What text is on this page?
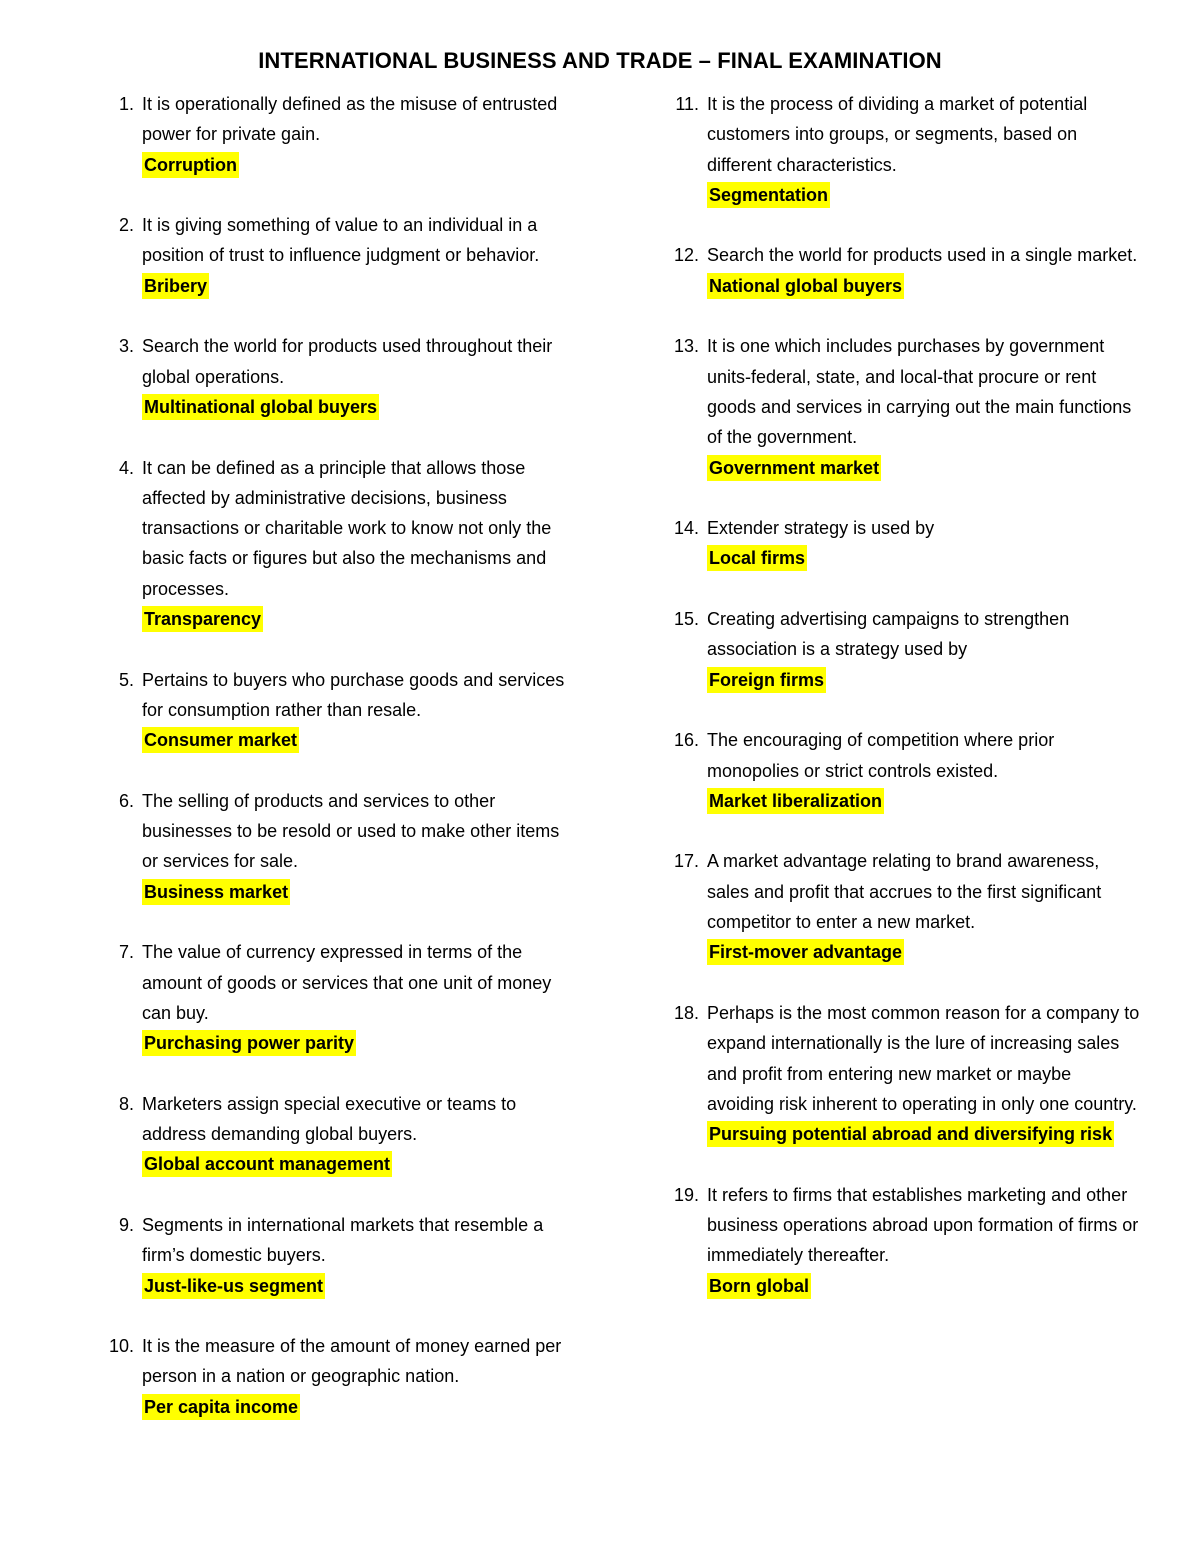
INTERNATIONAL BUSINESS AND TRADE – FINAL EXAMINATION
1. It is operationally defined as the misuse of entrusted power for private gain.
Corruption
2. It is giving something of value to an individual in a position of trust to influence judgment or behavior.
Bribery
3. Search the world for products used throughout their global operations.
Multinational global buyers
4. It can be defined as a principle that allows those affected by administrative decisions, business transactions or charitable work to know not only the basic facts or figures but also the mechanisms and processes.
Transparency
5. Pertains to buyers who purchase goods and services for consumption rather than resale.
Consumer market
6. The selling of products and services to other businesses to be resold or used to make other items or services for sale.
Business market
7. The value of currency expressed in terms of the amount of goods or services that one unit of money can buy.
Purchasing power parity
8. Marketers assign special executive or teams to address demanding global buyers.
Global account management
9. Segments in international markets that resemble a firm’s domestic buyers.
Just-like-us segment
10. It is the measure of the amount of money earned per person in a nation or geographic nation.
Per capita income
11. It is the process of dividing a market of potential customers into groups, or segments, based on different characteristics.
Segmentation
12. Search the world for products used in a single market.
National global buyers
13. It is one which includes purchases by government units-federal, state, and local-that procure or rent goods and services in carrying out the main functions of the government.
Government market
14. Extender strategy is used by
Local firms
15. Creating advertising campaigns to strengthen association is a strategy used by
Foreign firms
16. The encouraging of competition where prior monopolies or strict controls existed.
Market liberalization
17. A market advantage relating to brand awareness, sales and profit that accrues to the first significant competitor to enter a new market.
First-mover advantage
18. Perhaps is the most common reason for a company to expand internationally is the lure of increasing sales and profit from entering new market or maybe avoiding risk inherent to operating in only one country.
Pursuing potential abroad and diversifying risk
19. It refers to firms that establishes marketing and other business operations abroad upon formation of firms or immediately thereafter.
Born global
